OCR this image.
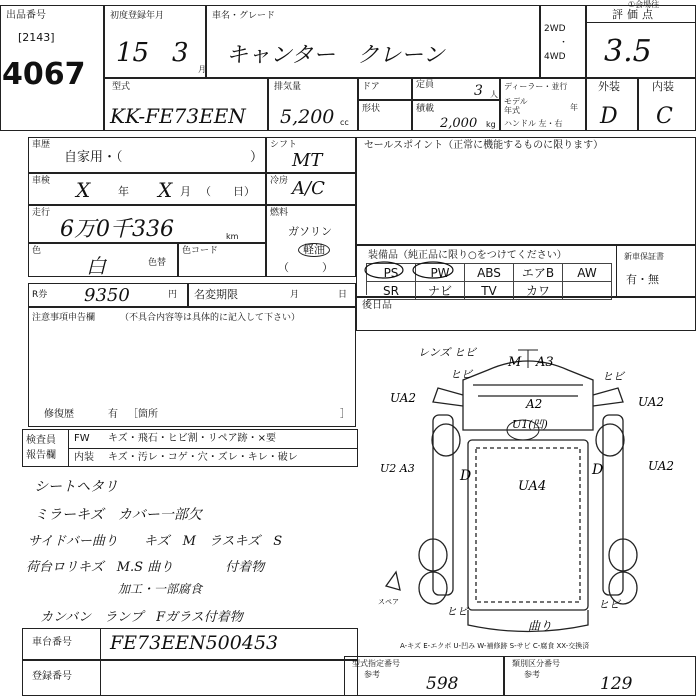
出品番号
[2143]
4067
初度登録年月
15 3
月
車名・グレード
キャンター　クレーン
2WD
・
4WD
評価点
3.5
①会場往
型式
KK-FE73EEN
排気量
5,200 cc
ドア	定員	3 人
形状	積載
2,000 kg
ディーラー・並行
モデル年式	年
ハンドル 左・右
外装
D
内装
C
車歴
自家用・（	）
シフト
MT
車検 X	年 X 月 （　　日）
冷房 A/C
走行
6万0千336	km
燃料
ガソリン
軽油
（　　　）
色
白	色替
色コード
R券 9350	円 名変期限	月	日
注意事項申告欄	（不具合内容等は具体的に記入して下さい）
修復歴	有 ［箇所	］
セールスポイント（正常に機能するものに限ります）
装備品（純正品に限り○をつけてください）	新車保証書
有・無
PS	PW	ABS	エアB	AW
SR	ナビ	TV	カワ
後日品
検査員報告欄
FW キズ・飛石・ヒビ割・リペア跡・×要
内装 キズ・汚レ・コゲ・穴・ズレ・キレ・破レ
シートヘタリ
ミラーキズ　カバー一部欠
サイドバー曲り　　キズ　M　ラスキズ　S
荷台ロリキズ　M.S 曲り　　　　付着物
加工・一部腐食
カンバン　ランプ　Fガラス付着物
車台番号 FE73EEN500453
登録番号
型式指定番号
参考	598
類別区分番号
参考	129
レンズ ヒビ
M A3
ヒビ	ヒビ
UA2	A2
U1(凹)
UA2
U2 A3	D
UA4
D	UA2
ヒビ
ヒビ
曲り
スペア
A-キズ E-エクボ U-凹み W-補修跡 S-サビ C-腐食 XX-交換済
